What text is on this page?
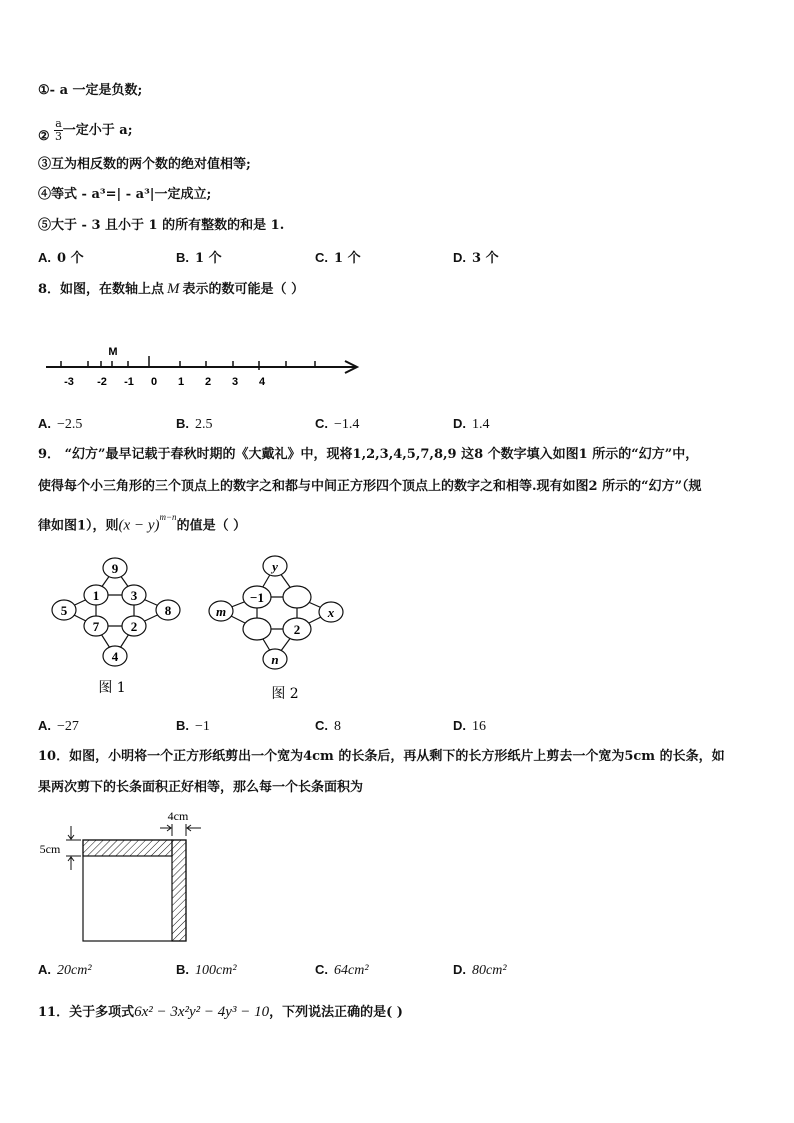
①- a 一定是负数;
② $\frac{a}{3}$ 一定小于 a;
③互为相反数的两个数的绝对值相等;
④等式 - a³=| - a³|一定成立;
⑤大于 - 3 且小于 1 的所有整数的和是 1.
A. 0 个	B. 1 个	C. 1 个	D. 3 个
8．如图，在数轴上点 M 表示的数可能是（ ）
M
-3 -2 -1 0 1 2 3 4
A. −2.5	B. 2.5	C. −1.4	D. 1.4
9． “幻方”最早记载于春秋时期的《大戴礼》中，现将1,2,3,4,5,7,8,9 这8 个数字填入如图1 所示的“幻方”中，
使得每个小三角形的三个顶点上的数字之和都与中间正方形四个顶点上的数字之和相等.现有如图2 所示的“幻方”（规
律如图1），则$(x - y)^{m-n}$的值是（ ）
9
1 3
5	8
7 2
4
图 1
y
−1
m	x
2
n
图 2
A. −27	B. −1	C. 8	D. 16
10．如图，小明将一个正方形纸剪出一个宽为4cm 的长条后，再从剩下的长方形纸片上剪去一个宽为5cm 的长条，如
果两次剪下的长条面积正好相等，那么每一个长条面积为
4cm
5cm
A. 20cm²	B. 100cm²	C. 64cm²	D. 80cm²
11．关于多项式6x² − 3x²y² − 4y³ − 10，下列说法正确的是( )
